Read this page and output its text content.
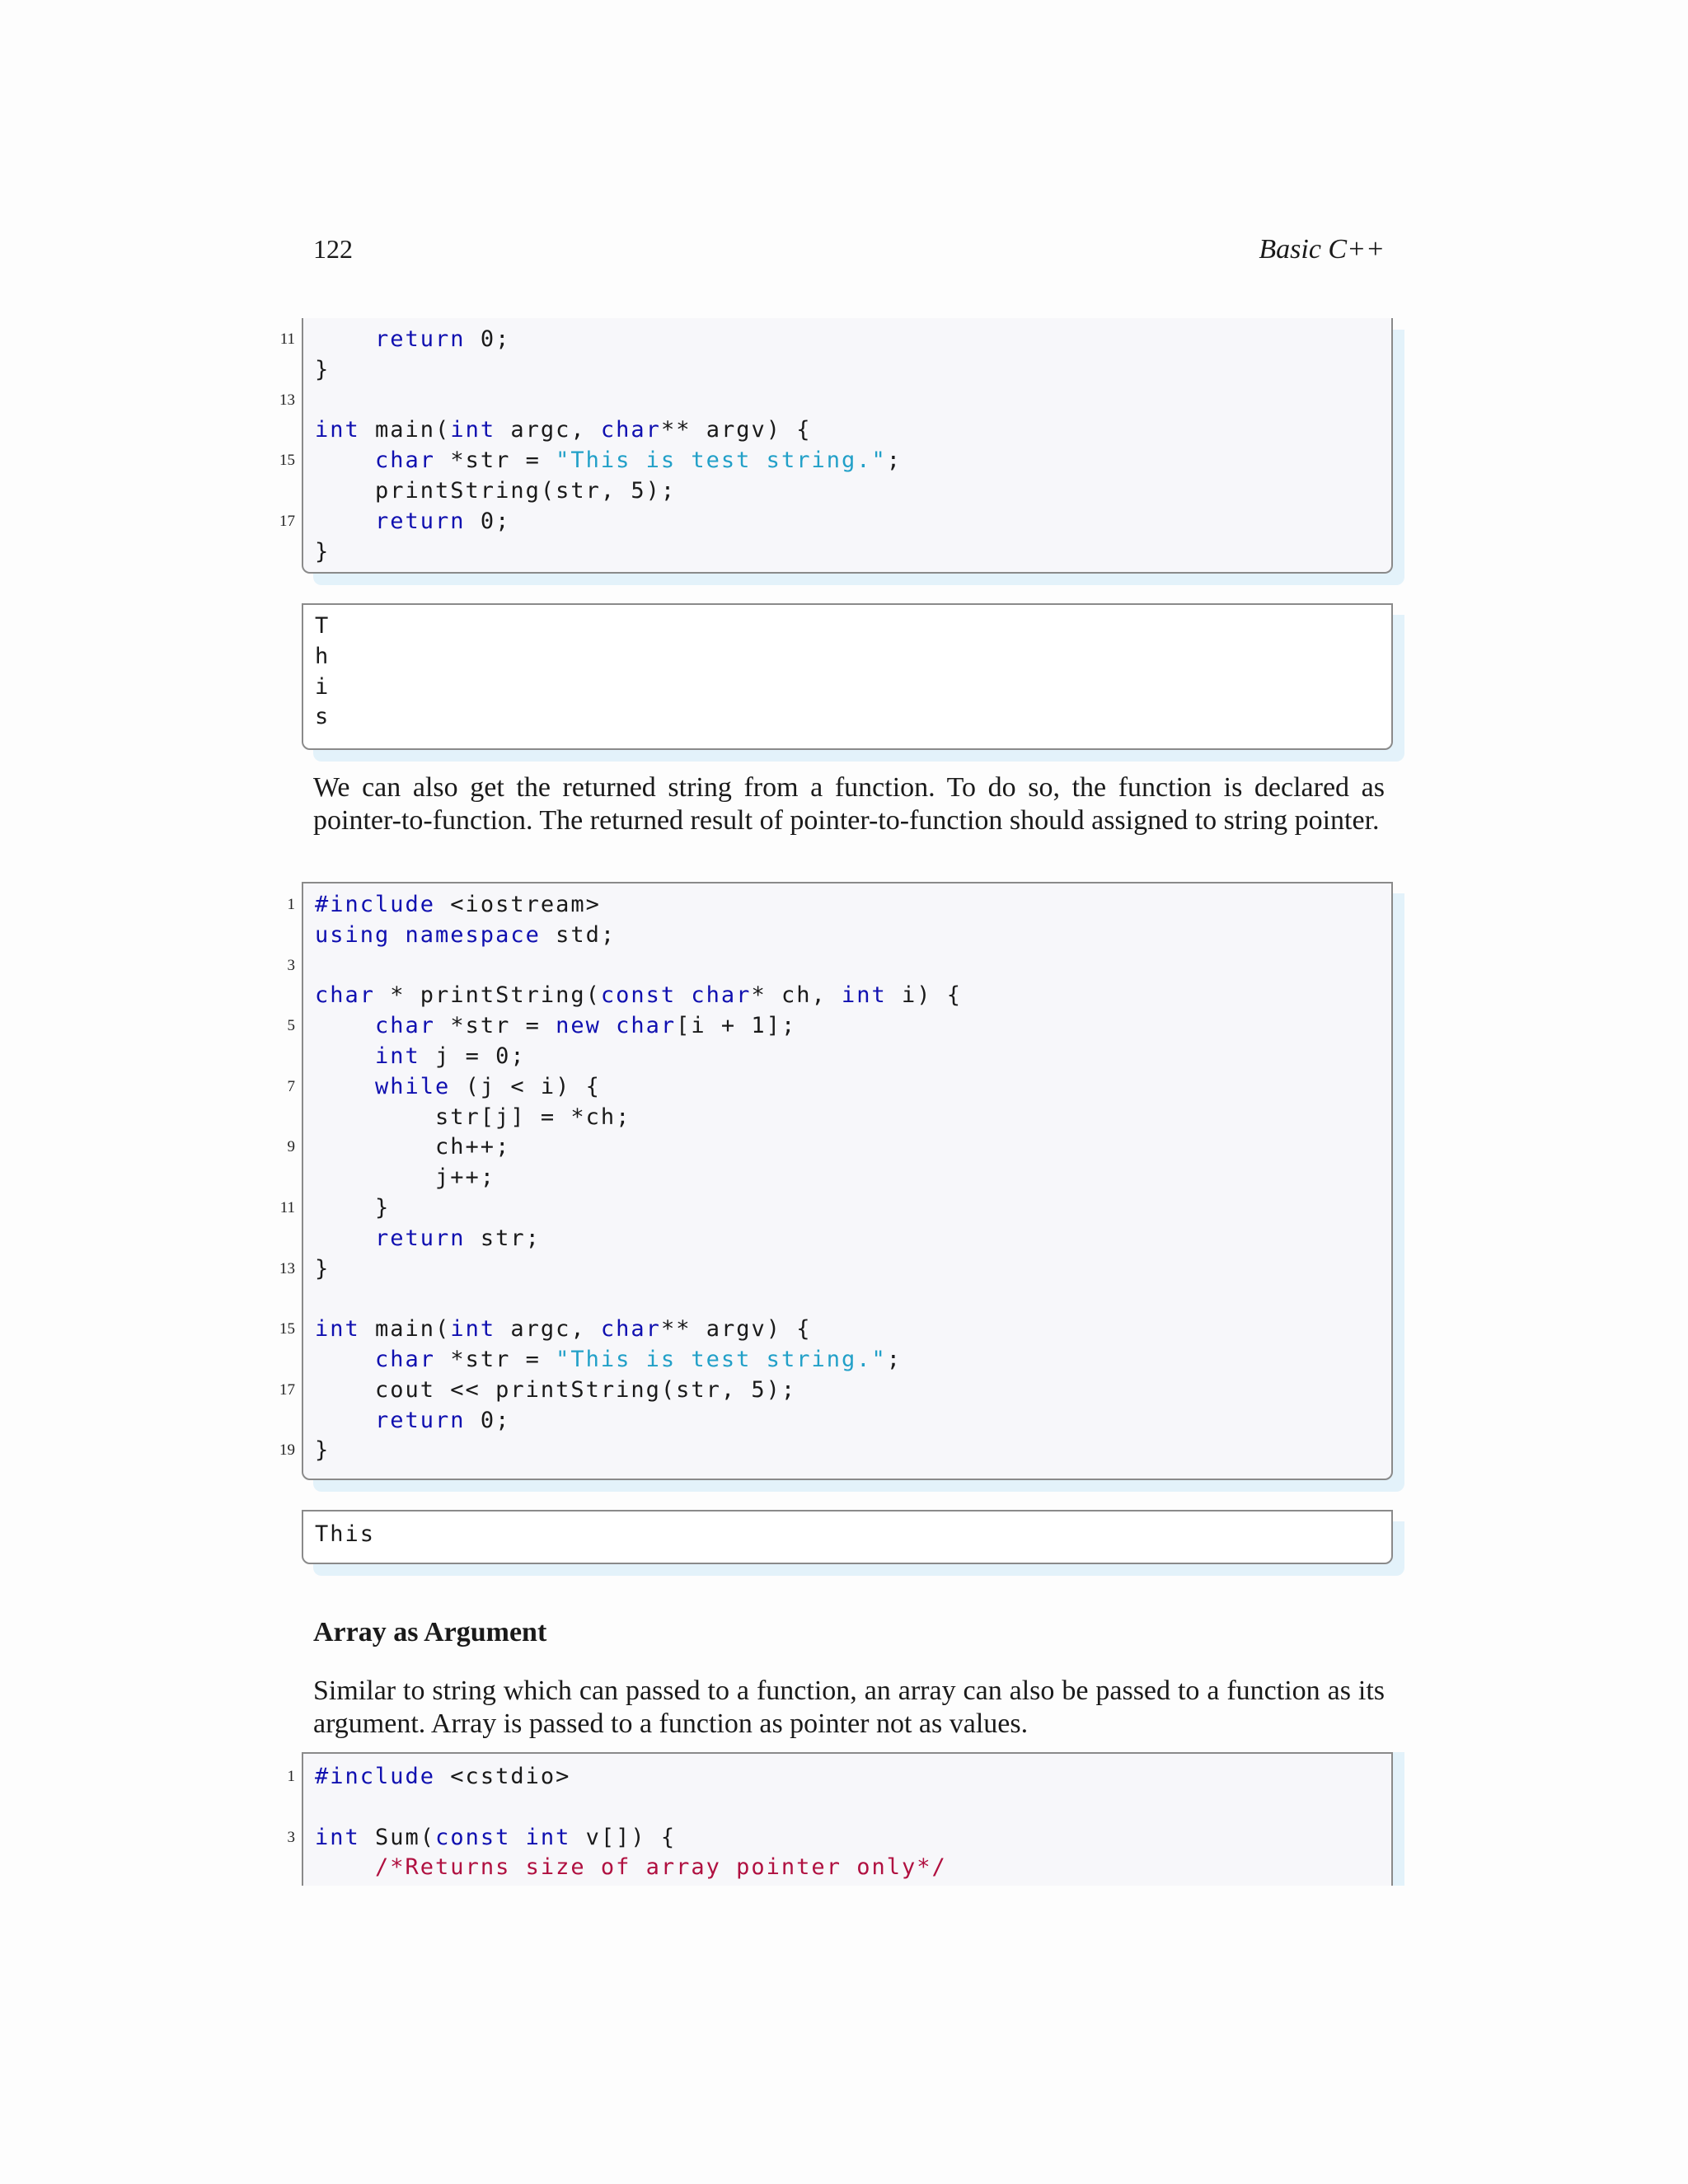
122	Basic C++
11	return 0;
}
13
int main(int argc, char** argv) {
15	char *str = "This is test string.";
printString(str, 5);
17	return 0;
}
T
h
i
s

We can also get the returned string from a function. To do so, the function is declared as pointer-to-function. The returned result of pointer-to-function should assigned to string pointer.

1 #include <iostream>
using namespace std;
3
char * printString(const char* ch, int i) {
5	char *str = new char[i + 1];
int j = 0;
7	while (j < i) {
str[j] = *ch;
9 ch++;
j++;
11 }
return str;
13 }
15 int main(int argc, char** argv) {
char *str = "This is test string.";
17 cout << printString(str, 5);
return 0;
19 }
This
Array as Argument

Similar to string which can passed to a function, an array can also be passed to a function as its argument. Array is passed to a function as pointer not as values.

1 #include <cstdio>
3 int Sum(const int v[]) {
/*Returns size of array pointer only*/
